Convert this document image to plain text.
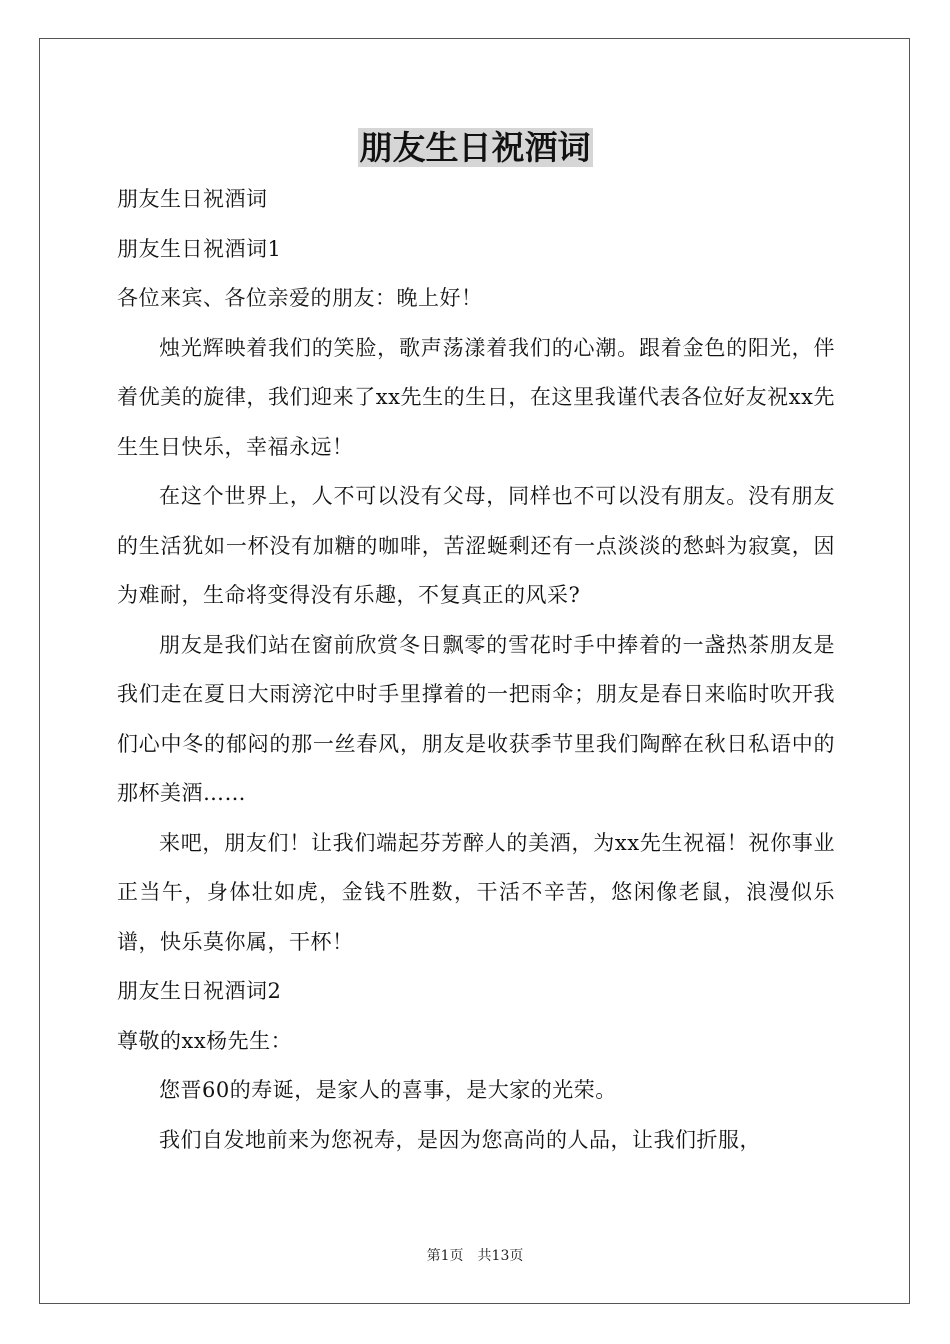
朋友生日祝酒词

朋友生日祝酒词

朋友生日祝酒词1

各位来宾、各位亲爱的朋友：晚上好！

烛光辉映着我们的笑脸，歌声荡漾着我们的心潮。跟着金色的阳光，伴着优美的旋律，我们迎来了xx先生的生日，在这里我谨代表各位好友祝xx先生生日快乐，幸福永远！

在这个世界上，人不可以没有父母，同样也不可以没有朋友。没有朋友的生活犹如一杯没有加糖的咖啡，苦涩蜒剩还有一点淡淡的愁蚪为寂寞，因为难耐，生命将变得没有乐趣，不复真正的风采?

朋友是我们站在窗前欣赏冬日飘零的雪花时手中捧着的一盏热茶朋友是我们走在夏日大雨滂沱中时手里撑着的一把雨伞；朋友是春日来临时吹开我们心中冬的郁闷的那一丝春风，朋友是收获季节里我们陶醉在秋日私语中的那杯美酒……

来吧，朋友们！让我们端起芬芳醉人的美酒，为xx先生祝福！祝你事业正当午，身体壮如虎，金钱不胜数，干活不辛苦，悠闲像老鼠，浪漫似乐谱，快乐莫你属，干杯！

朋友生日祝酒词2

尊敬的xx杨先生：

您晋60的寿诞，是家人的喜事，是大家的光荣。

我们自发地前来为您祝寿，是因为您高尚的人品，让我们折服，

第1页 共13页
